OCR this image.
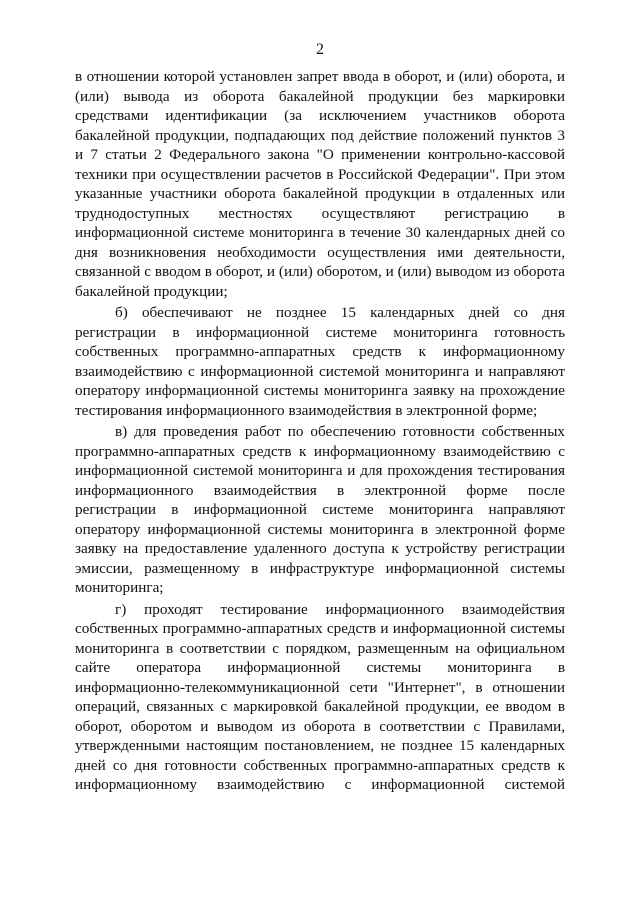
2

в отношении которой установлен запрет ввода в оборот, и (или) оборота, и (или) вывода из оборота бакалейной продукции без маркировки средствами идентификации (за исключением участников оборота бакалейной продукции, подпадающих под действие положений пунктов 3 и 7 статьи 2 Федерального закона "О применении контрольно-кассовой техники при осуществлении расчетов в Российской Федерации". При этом указанные участники оборота бакалейной продукции в отдаленных или труднодоступных местностях осуществляют регистрацию в информационной системе мониторинга в течение 30 календарных дней со дня возникновения необходимости осуществления ими деятельности, связанной с вводом в оборот, и (или) оборотом, и (или) выводом из оборота бакалейной продукции;

б) обеспечивают не позднее 15 календарных дней со дня регистрации в информационной системе мониторинга готовность собственных программно-аппаратных средств к информационному взаимодействию с информационной системой мониторинга и направляют оператору информационной системы мониторинга заявку на прохождение тестирования информационного взаимодействия в электронной форме;

в) для проведения работ по обеспечению готовности собственных программно-аппаратных средств к информационному взаимодействию с информационной системой мониторинга и для прохождения тестирования информационного взаимодействия в электронной форме после регистрации в информационной системе мониторинга направляют оператору информационной системы мониторинга в электронной форме заявку на предоставление удаленного доступа к устройству регистрации эмиссии, размещенному в инфраструктуре информационной системы мониторинга;

г) проходят тестирование информационного взаимодействия собственных программно-аппаратных средств и информационной системы мониторинга в соответствии с порядком, размещенным на официальном сайте оператора информационной системы мониторинга в информационно-телекоммуникационной сети "Интернет", в отношении операций, связанных с маркировкой бакалейной продукции, ее вводом в оборот, оборотом и выводом из оборота в соответствии с Правилами, утвержденными настоящим постановлением, не позднее 15 календарных дней со дня готовности собственных программно-аппаратных средств к информационному взаимодействию с информационной системой
